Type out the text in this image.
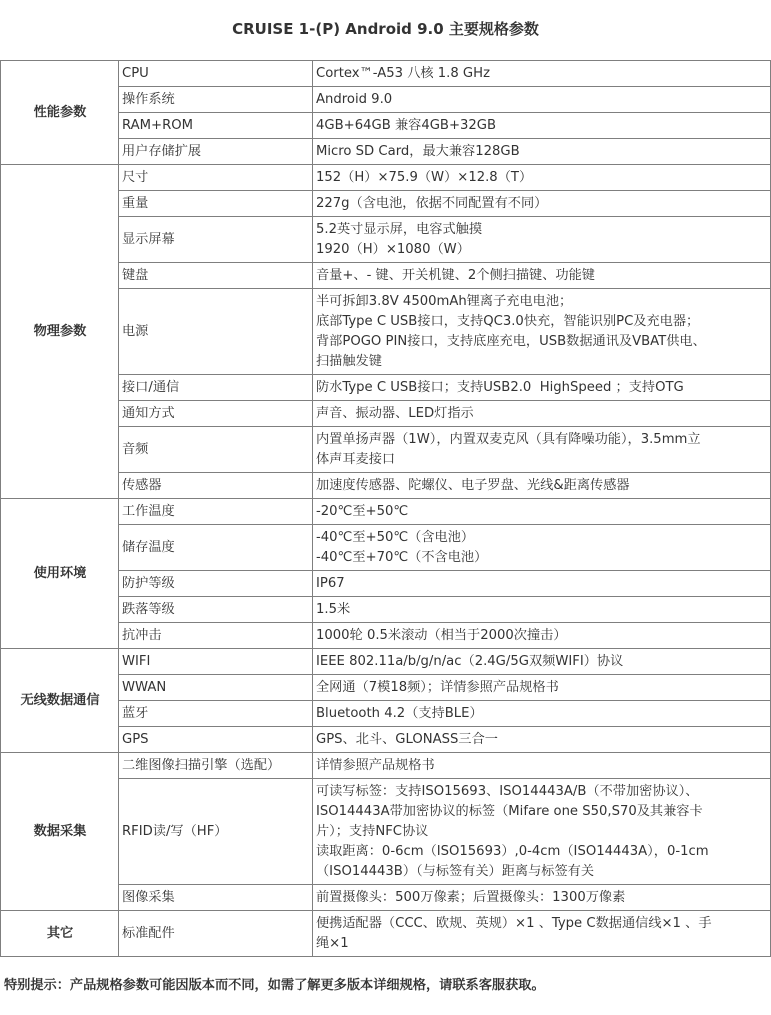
CRUISE 1-(P) Android 9.0 主要规格参数
性能参数	CPU	Cortex™-A53 八核 1.8 GHz

	操作系统	Android 9.0

	RAM+ROM	4GB+64GB 兼容4GB+32GB

	用户存储扩展	Micro SD Card，最大兼容128GB

物理参数	尺寸	152（H）×75.9（W）×12.8（T）

	重量	227g（含电池，依据不同配置有不同）

	显示屏幕	5.2英寸显示屏，电容式触摸
1920（H）×1080（W）

	键盘	音量+、- 键、开关机键、2个侧扫描键、功能键

	电源	半可拆卸3.8V 4500mAh锂离子充电电池；
底部Type C USB接口，支持QC3.0快充，智能识别PC及充电器；
背部POGO PIN接口，支持底座充电，USB数据通讯及VBAT供电、
扫描触发键

	接口/通信	防水Type C USB接口；支持USB2.0  HighSpeed ；支持OTG

	通知方式	声音、振动器、LED灯指示

	音频	内置单扬声器（1W），内置双麦克风（具有降噪功能），3.5mm立
体声耳麦接口

	传感器	加速度传感器、陀螺仪、电子罗盘、光线&距离传感器

使用环境	工作温度	-20℃至+50℃

	储存温度	-40℃至+50℃（含电池）
-40℃至+70℃（不含电池）

	防护等级	IP67

	跌落等级	1.5米

	抗冲击	1000轮 0.5米滚动（相当于2000次撞击）

无线数据通信	WIFI	IEEE 802.11a/b/g/n/ac（2.4G/5G双频WIFI）协议

	WWAN	全网通（7模18频）；详情参照产品规格书

	蓝牙	Bluetooth 4.2（支持BLE）

	GPS	GPS、北斗、GLONASS三合一

数据采集	二维图像扫描引擎（选配）	详情参照产品规格书

	RFID读/写（HF）	可读写标签：支持ISO15693、ISO14443A/B（不带加密协议）、
ISO14443A带加密协议的标签（Mifare one S50,S70及其兼容卡
片）；支持NFC协议
读取距离：0-6cm（ISO15693）,0-4cm（ISO14443A），0-1cm
（ISO14443B）（与标签有关）距离与标签有关

	图像采集	前置摄像头：500万像素；后置摄像头：1300万像素

其它	标准配件	便携适配器（CCC、欧规、英规）×1 、Type C数据通信线×1 、手
绳×1
特别提示：产品规格参数可能因版本而不同，如需了解更多版本详细规格，请联系客服获取。
